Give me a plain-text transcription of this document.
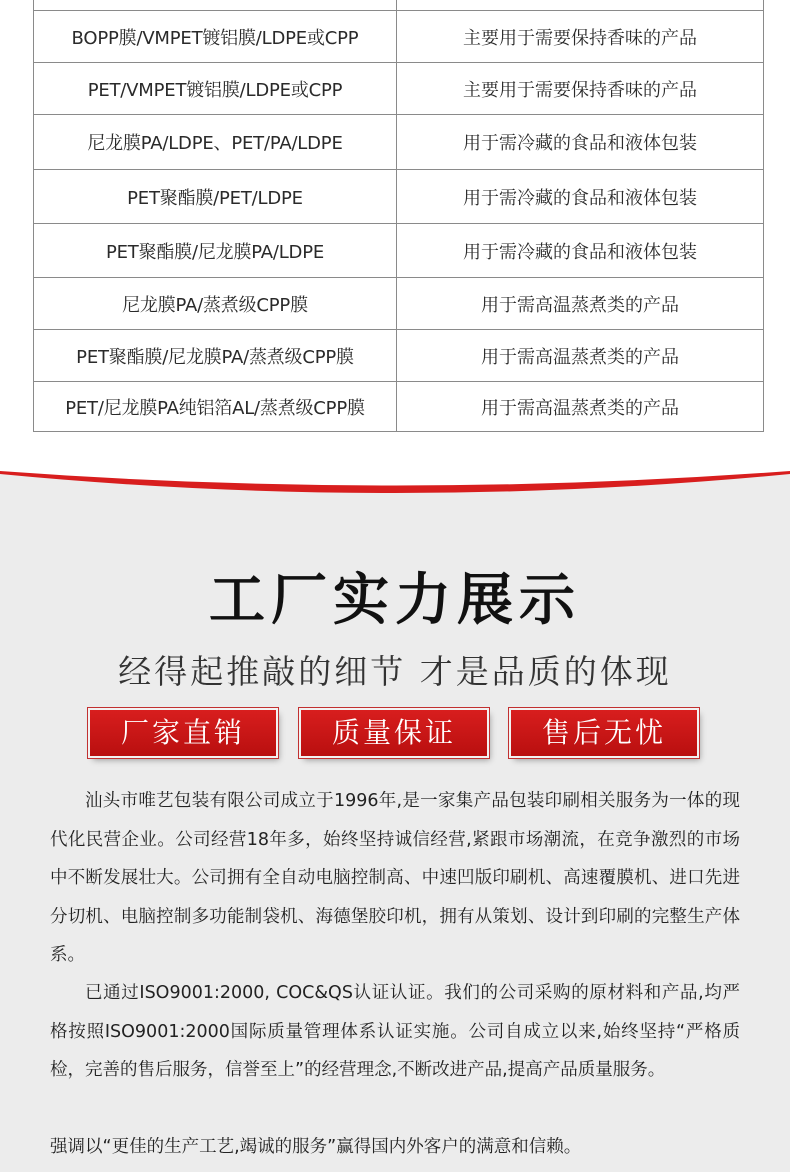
BOPP膜/VMPET镀铝膜/LDPE或CPP	主要用于需要保持香味的产品
PET/VMPET镀铝膜/LDPE或CPP	主要用于需要保持香味的产品
尼龙膜PA/LDPE、PET/PA/LDPE	用于需冷藏的食品和液体包装
PET聚酯膜/PET/LDPE	用于需冷藏的食品和液体包装
PET聚酯膜/尼龙膜PA/LDPE	用于需冷藏的食品和液体包装
尼龙膜PA/蒸煮级CPP膜	用于需高温蒸煮类的产品
PET聚酯膜/尼龙膜PA/蒸煮级CPP膜	用于需高温蒸煮类的产品
PET/尼龙膜PA纯铝箔AL/蒸煮级CPP膜	用于需高温蒸煮类的产品
工厂实力展示
经得起推敲的细节 才是品质的体现
厂家直销	质量保证	售后无忧

汕头市唯艺包装有限公司成立于1996年,是一家集产品包装印刷相关服务为一体的现代化民营企业。公司经营18年多，始终坚持诚信经营,紧跟市场潮流，在竞争激烈的市场中不断发展壮大。公司拥有全自动电脑控制高、中速凹版印刷机、高速覆膜机、进口先进分切机、电脑控制多功能制袋机、海德堡胶印机，拥有从策划、设计到印刷的完整生产体系。

已通过ISO9001:2000, COC&QS认证认证。我们的公司采购的原材料和产品,均严格按照ISO9001:2000国际质量管理体系认证实施。公司自成立以来,始终坚持“严格质检，完善的售后服务，信誉至上”的经营理念,不断改进产品,提高产品质量服务。

强调以“更佳的生产工艺,竭诚的服务”赢得国内外客户的满意和信赖。
